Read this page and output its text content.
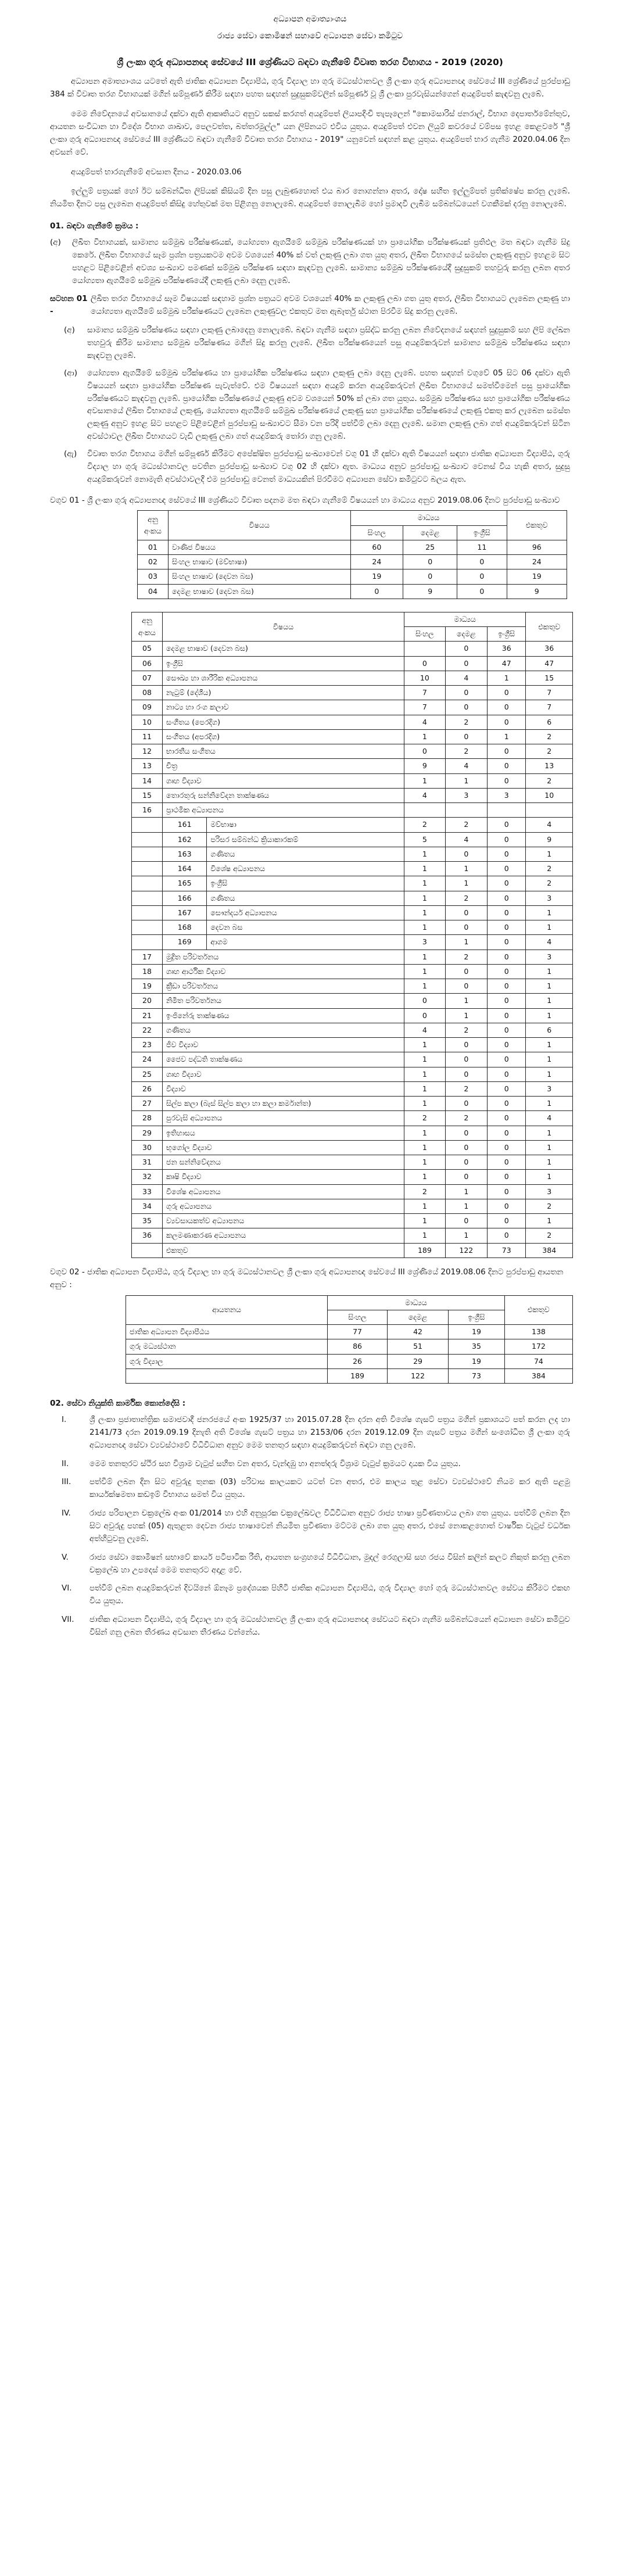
අධ්‍යාපන අමාත්‍යාංශය
රාජ්‍ය සේවා කොමිෂන් සභාවේ අධ්‍යාපන සේවා කමිටුව
ශ්‍රී ලංකා ගුරු අධ්‍යාපනඥ සේවයේ III ශ්‍රේණියට බඳවා ගැනීමේ විවෘත තරග විභාගය - 2019 (2020)

අධ්‍යාපන අමාත්‍යාංශය යටතේ ඇති ජාතික අධ්‍යාපන විද්‍යාපීඨ, ගුරු විද්‍යාල හා ගුරු මධ්‍යස්ථානවල ශ්‍රී ලංකා ගුරු අධ්‍යාපනඥ සේවයේ III ශ්‍රේණියේ පුරප්පාඩු 384 ක් විවෘත තරග විභාගයක් මගින් සම්පූර්ණ කිරීම සඳහා පහත සඳහන් සුදුසුකම්වලින් සම්පූර්ණ වූ ශ්‍රී ලංකා පුරවැසියන්ගෙන් අයදුම්පත් කැඳවනු ලැබේ.

මෙම නිවේදනයේ අවසානයේ දක්වා ඇති ආකෘතියට අනුව සකස් කරගත් අයදුම්පත් ලියාපදිංචි තැපෑලෙන් "කොමසාරිස් ජනරාල්, විභාග දෙපාර්තමේන්තුව, ආයතන සංවිධාන හා විදේශ විභාග ශාඛාව, පෙලවත්ත, බත්තරමුල්ල" යන ලිපිනයට එවිය යුතුය. අයදුම්පත් එවන ලියුම් කවරයේ වම්පස ඉහළ කෙළවරේ "ශ්‍රී ලංකා ගුරු අධ්‍යාපනඥ සේවයේ III ශ්‍රේණියට බඳවා ගැනීමේ විවෘත තරග විභාගය - 2019" යනුවෙන් සඳහන් කළ යුතුය. අයදුම්පත් භාර ගැනීම 2020.04.06 දින අවසන් වේ.

අයදුම්පත් භාරගැනීමේ අවසාන දිනය - 2020.03.06

ඉල්ලුම් පත්‍රයක් හෝ ඊට සම්බන්ධිත ලිපියක් කිසියම් දින පසු ලැබුණහොත් එය බාර නොගන්නා අතර, දෝෂ සහිත ඉල්ලුම්පත් ප්‍රතික්ෂේප කරනු ලැබේ. නියමිත දිනට පසු ලැබෙන අයදුම්පත් කිසිදු හේතුවක් මත පිළිගනු නොලැබේ. අයදුම්පත් නොලැබීම හෝ ප්‍රමාදවී ලැබීම සම්බන්ධයෙන් වගකීමක් දරනු නොලැබේ.

01. බඳවා ගැනීමේ ක්‍රමය :
(අ)	ලිඛිත විභාගයක්, සාමාන්‍ය සම්මුඛ පරීක්ෂණයක්, යෝග්‍යතා ඇගයීමේ සම්මුඛ පරීක්ෂණයක් හා ප්‍රායෝගික පරීක්ෂණයක් ප්‍රතිඵල මත බඳවා ගැනීම සිදු කෙරේ. ලිඛිත විභාගයේ සෑම ප්‍රශ්න පත්‍රයකටම අවම වශයෙන් 40% ක් වත් ලකුණු ලබා ගත යුතු අතර, ලිඛිත විභාගයේ සමස්ත ලකුණු අනුව ඉහළම සිට පහළට පිළිවෙළින් අවශ්‍ය සංඛ්‍යාව පමණක් සම්මුඛ පරීක්ෂණ සඳහා කැඳවනු ලැබේ. සාමාන්‍ය සම්මුඛ පරීක්ෂණයේදී සුදුසුකම් තහවුරු කරනු ලබන අතර යෝග්‍යතා ඇගයීමේ සම්මුඛ පරීක්ෂණයේදී ලකුණු ලබා දෙනු ලැබේ.
සටහන 01 -
ලිඛිත තරග විභාගයේ සෑම විෂයයක් සඳහාම ප්‍රශ්න පත්‍රයට අවම වශයෙන් 40% ක ලකුණු ලබා ගත යුතු අතර, ලිඛිත විභාගයට ලැබෙන ලකුණු හා යෝග්‍යතා ඇගයීමේ සම්මුඛ පරීක්ෂණයට ලැබෙන ලකුණුවල එකතුව මත ඇබෑර්තු ස්ථාන පිරවීම සිදු කරනු ලැබේ.
(අ)	සාමාන්‍ය සම්මුඛ පරීක්ෂණය සඳහා ලකුණු ලබාදෙනු නොලැබේ. බඳවා ගැනීම සඳහා ප්‍රසිද්ධ කරනු ලබන නිවේදනයේ සඳහන් සුදුසුකම් සහ ලිපි ලේඛන තහවුරු කිරීම සාමාන්‍ය සම්මුඛ පරීක්ෂණය මගින් සිදු කරනු ලැබේ. ලිඛිත පරීක්ෂණයෙන් පසු අයදුම්කරුවන් සාමාන්‍ය සම්මුඛ පරීක්ෂණය සඳහා කැඳවනු ලැබේ.
(ආ)	යෝග්‍යතා ඇගයීමේ සම්මුඛ පරීක්ෂණය හා ප්‍රායෝගික පරීක්ෂණය සඳහා ලකුණු ලබා දෙනු ලැබේ. පහත සඳහන් වගුවේ 05 සිට 06 දක්වා ඇති විෂයයන් සඳහා ප්‍රායෝගික පරීක්ෂණ පැවැත්වේ. එම විෂයයන් සඳහා අයදුම් කරන අයදුම්කරුවන් ලිඛිත විභාගයේ සමත්වීමෙන් පසු ප්‍රායෝගික පරීක්ෂණයට කැඳවනු ලැබේ. ප්‍රායෝගික පරීක්ෂණයේ ලකුණු අවම වශයෙන් 50% ක් ලබා ගත යුතුය. සම්මුඛ පරීක්ෂණය සහ ප්‍රායෝගික පරීක්ෂණය අවසානයේ ලිඛිත විභාගයේ ලකුණු, යෝග්‍යතා ඇගයීමේ සම්මුඛ පරීක්ෂණයේ ලකුණු සහ ප්‍රායෝගික පරීක්ෂණයේ ලකුණු එකතු කර ලැබෙන සමස්ත ලකුණු අනුව ඉහළ සිට පහළට පිළිවෙළින් පුරප්පාඩු සංඛ්‍යාවට සීමා වන පරිදි පත්වීම් ලබා දෙනු ලැබේ. සමාන ලකුණු ලබා ගත් අයදුම්කරුවන් සිටින අවස්ථාවල ලිඛිත විභාගයට වැඩි ලකුණු ලබා ගත් අයදුම්කරු තෝරා ගනු ලැබේ.
(ඇ)	විවෘත තරග විභාගය මගින් සම්පූර්ණ කිරීමට අපේක්ෂිත පුරප්පාඩු සංඛ්‍යාවෙන් වගු 01 හි දක්වා ඇති විෂයයන් සඳහා ජාතික අධ්‍යාපන විද්‍යාපීඨ, ගුරු විද්‍යාල හා ගුරු මධ්‍යස්ථානවල පවතින පුරප්පාඩු සංඛ්‍යාව වගු 02 හි දක්වා ඇත. මාධ්‍යය අනුව පුරප්පාඩු සංඛ්‍යාව වෙනස් විය හැකි අතර, සුදුසු අයදුම්කරුවන් නොමැති අවස්ථාවලදී එම පුරප්පාඩු වෙනත් මාධ්‍යයකින් පිරවීමට අධ්‍යාපන සේවා කමිටුවට බලය ඇත.
වගුව 01 - ශ්‍රී ලංකා ගුරු අධ්‍යාපනඥ සේවයේ III ශ්‍රේණියට විවෘත පදනම මත බඳවා ගැනීමේ විෂයයන් හා මාධ්‍යය අනුව 2019.08.06 දිනට පුරප්පාඩු සංඛ්‍යාව
අනු අංකය	විෂයය	මාධ්‍යය			එකතුව
		සිංහල	දෙමළ	ඉංග්‍රීසි	
01	වාණිජ විෂයය	60	25	11	96
02	සිංහල භාෂාව (මව්භාෂා)	24	0	0	24
03	සිංහල භාෂාව (දෙවන බස)	19	0	0	19
04	දෙමළ භාෂාව (දෙවන බස)	0	9	0	9
අනු අංකය	විෂයය		මාධ්‍යය			එකතුව
			සිංහල	දෙමළ	ඉංග්‍රීසි	
05	දෙමළ භාෂාව (දෙවන බස)			0	36	36
06	ඉංග්‍රීසි		0	0	47	47
07	සෞඛ්‍ය හා ශාරීරික අධ්‍යාපනය		10	4	1	15
08	නැටුම් (දේශීය)		7	0	0	7
09	නාට්‍ය හා රංග කලාව		7	0	0	7
10	සංගීතය (පෙරදිග)		4	2	0	6
11	සංගීතය (අපරදිග)		1	0	1	2
12	භාරතීය සංගීතය		0	2	0	2
13	චිත්‍ර		9	4	0	13
14	ගෘහ විද්‍යාව		1	1	0	2
15	තොරතුරු සන්නිවේදන තාක්ෂණය		4	3	3	10
16	ප්‍රාථමික අධ්‍යාපනය					
	161	මව්භාෂා	2	2	0	4
	162	පරිසර සම්බන්ධ ක්‍රියාකාරකම්	5	4	0	9
	163	ගණිතය	1	0	0	1
	164	විශේෂ අධ්‍යාපනය	1	1	0	2
	165	ඉංග්‍රීසි	1	1	0	2
	166	ගණිතය	1	2	0	3
	167	සෞන්දර්ය අධ්‍යාපනය	1	0	0	1
	168	දෙවන බස	1	0	0	1
	169	ආගම	3	1	0	4
17	මුද්‍රිත පරිවර්තනය		1	2	0	3
18	ගෘහ ආර්ථික විද්‍යාව		1	0	0	1
19	ක්‍රීඩා පරිවර්තනය		1	0	0	1
20	නිමිත පරිවර්තනය		0	1	0	1
21	ඉංජිනේරු තාක්ෂණය		0	1	0	1
22	ගණිතය		4	2	0	6
23	ජීව විද්‍යාව		1	0	0	1
24	ජෛව පද්ධති තාක්ෂණය		1	0	0	1
25	ගෘහ විද්‍යාව		1	0	0	1
26	විද්‍යාව		1	2	0	3
27	සිල්ප කලා (බැස් සිල්ප කලා හා කලා කර්මාන්ත)		1	0	0	1
28	පුරවැසි අධ්‍යාපනය		2	2	0	4
29	ඉතිහාසය		1	0	0	1
30	භූගෝල විද්‍යාව		1	0	0	1
31	ජන සන්නිවේදනය		1	0	0	1
32	කෘෂි විද්‍යාව		1	0	0	1
33	විශේෂ අධ්‍යාපනය		2	1	0	3
34	ගුරු අධ්‍යාපනය		1	1	0	2
35	ව්‍යවසායකත්ව අධ්‍යාපනය		1	0	0	1
36	කලමණාකරණ අධ්‍යාපනය		1	1	0	2
	එකතුව		189	122	73	384
වගුව 02 - ජාතික අධ්‍යාපන විද්‍යාපීඨ, ගුරු විද්‍යාල හා ගුරු මධ්‍යස්ථානවල ශ්‍රී ලංකා ගුරු අධ්‍යාපනඥ සේවයේ III ශ්‍රේණියේ 2019.08.06 දිනට පුරප්පාඩු ආයතන අනුව :
ආයතනය	මාධ්‍යය			එකතුව
	සිංහල	දෙමළ	ඉංග්‍රීසි	
ජාතික අධ්‍යාපන විද්‍යාපීඨය	77	42	19	138
ගුරු මධ්‍යස්ථාන	86	51	35	172
ගුරු විද්‍යාල	26	29	19	74
	189	122	73	384
02. සේවා නියුක්ති කාර්මික කොන්දේසි :
I.	ශ්‍රී ලංකා ප්‍රජාතාන්ත්‍රික සමාජවාදී ජනරජයේ අංක 1925/37 හා 2015.07.28 දින දරන අති විශේෂ ගැසට් පත්‍රය මගින් ප්‍රකාශයට පත් කරන ලද හා 2141/73 දරන 2019.09.19 දිනැති අති විශේෂ ගැසට් පත්‍රය හා 2153/06 දරන 2019.12.09 දින ගැසට් පත්‍රය මගින් සංශෝධිත ශ්‍රී ලංකා ගුරු අධ්‍යාපනඥ සේවා ව්‍යවස්ථාවේ විධිවිධාන අනුව මෙම තනතුර සඳහා අයදුම්කරුවන් බඳවා ගනු ලැබේ.
II.	මෙම තනතුරට ස්ථිර සහ විශ්‍රාම වැටුප් සහිත වන අතර, වැන්දඹු හා අනත්දරු විශ්‍රාම වැටුප් ක්‍රමයට දායක විය යුතුය.
III.	පත්වීම් ලබන දින සිට අවුරුදු තුනක (03) පරිවාස කාලයකට යටත් වන අතර, එම කාලය තුළ සේවා ව්‍යවස්ථාවේ නියම කර ඇති පළමු කාර්යක්ෂමතා කඩඉම් විභාගය සමත් විය යුතුය.
IV.	රාජ්‍ය පරිපාලන චක්‍රලේඛ අංක 01/2014 හා එහි අනුපූරක චක්‍රලේඛවල විධිවිධාන අනුව රාජ්‍ය භාෂා ප්‍රවීණතාවය ලබා ගත යුතුය. පත්වීම් ලබන දින සිට අවුරුදු පහක් (05) ඇතුළත දෙවන රාජ්‍ය භාෂාවෙන් නියමිත ප්‍රවීණතා මට්ටම ලබා ගත යුතු අතර, එසේ නොකළහොත් වාර්ෂික වැටුප් වර්ධක අත්හිටුවනු ලැබේ.
V.	රාජ්‍ය සේවා කොමිෂන් සභාවේ කාර්ය පටිපාටික රීති, ආයතන සංග්‍රහයේ විධිවිධාන, මුදල් රෙගුලාසි සහ රජය විසින් කලින් කලට නිකුත් කරනු ලබන චක්‍රලේඛ හා උපදෙස් මෙම තනතුරට අදාළ වේ.
VI.	පත්වීම් ලබන අයදුම්කරුවන් දිවයිනේ ඕනෑම ප්‍රදේශයක පිහිටි ජාතික අධ්‍යාපන විද්‍යාපීඨ, ගුරු විද්‍යාල හෝ ගුරු මධ්‍යස්ථානවල සේවය කිරීමට එකඟ විය යුතුය.
VII.	ජාතික අධ්‍යාපන විද්‍යාපීඨ, ගුරු විද්‍යාල හා ගුරු මධ්‍යස්ථානවල ශ්‍රී ලංකා ගුරු අධ්‍යාපනඥ සේවයට බඳවා ගැනීම සම්බන්ධයෙන් අධ්‍යාපන සේවා කමිටුව විසින් ගනු ලබන තීරණය අවසාන තීරණය වන්නේය.
